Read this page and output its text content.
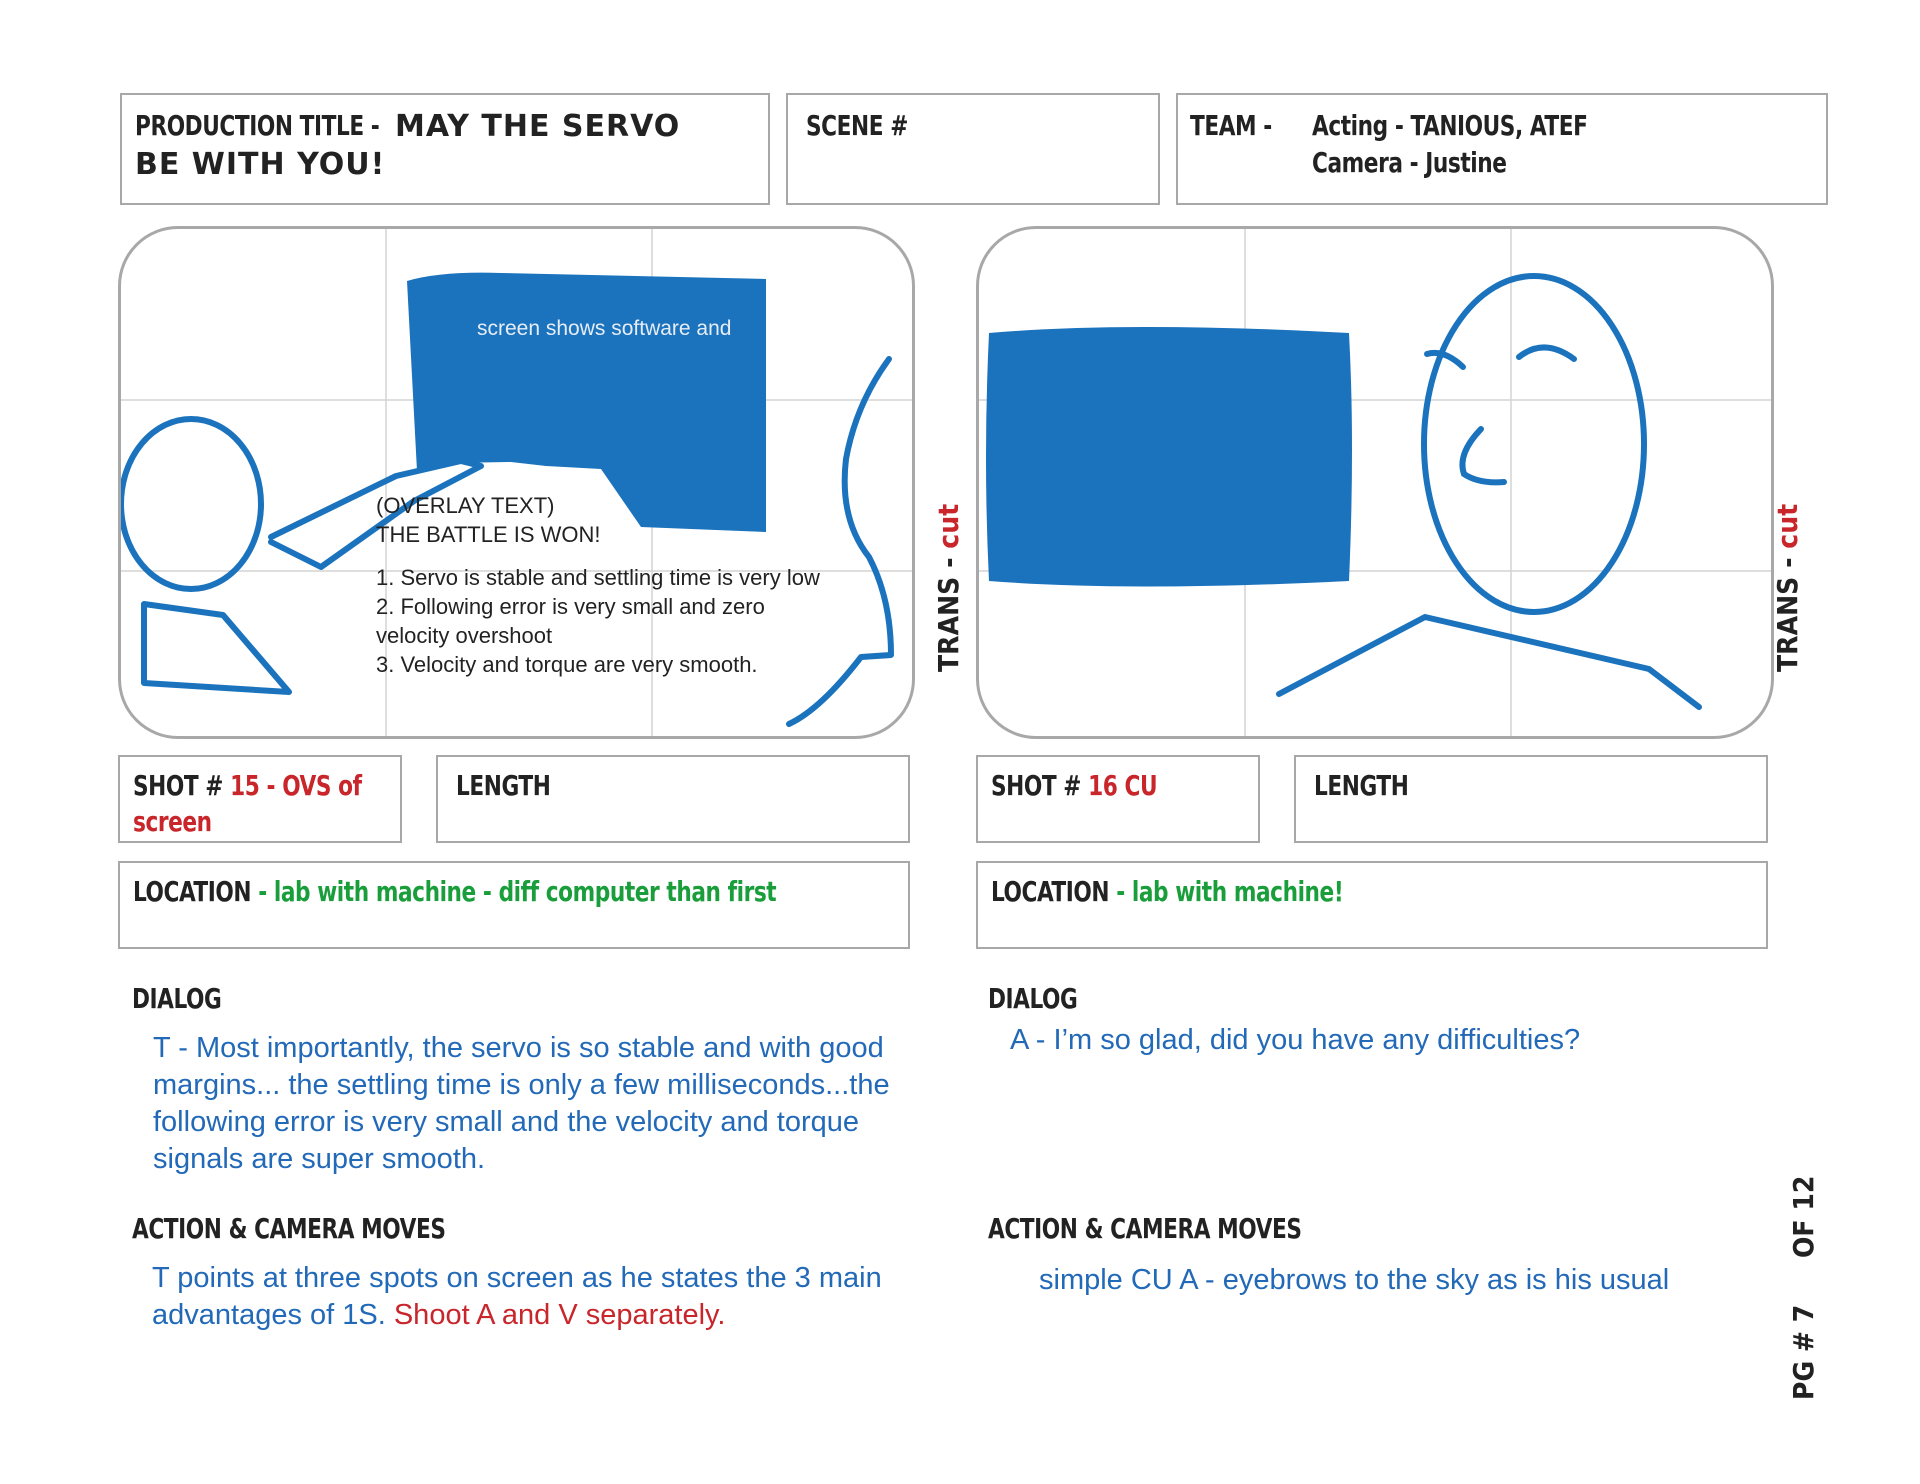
PRODUCTION TITLE - MAY THE SERVO
BE WITH YOU!
SCENE #	TEAM - Acting - TANIOUS, ATEF
Camera - Justine
screen shows software and
(OVERLAY TEXT)
THE BATTLE IS WON!
1. Servo is stable and settling time is very low
2. Following error is very small and zero
velocity overshoot
3. Velocity and torque are very smooth.	TRANS - cut
TRANS - cut
SHOT # 15 - OVS of
screen
LENGTH	SHOT # 16 CU	LENGTH
LOCATION - lab with machine - diff computer than first	LOCATION - lab with machine!
DIALOG
T - Most importantly, the servo is so stable and with good
margins... the settling time is only a few milliseconds...the
following error is very small and the velocity and torque
signals are super smooth.
DIALOG
A - I’m so glad, did you have any difficulties?
ACTION & CAMERA MOVES
T points at three spots on screen as he states the 3 main
advantages of 1S. Shoot A and V separately.
ACTION & CAMERA MOVES
simple CU A - eyebrows to the sky as is his usual
PG # 7
OF 12
